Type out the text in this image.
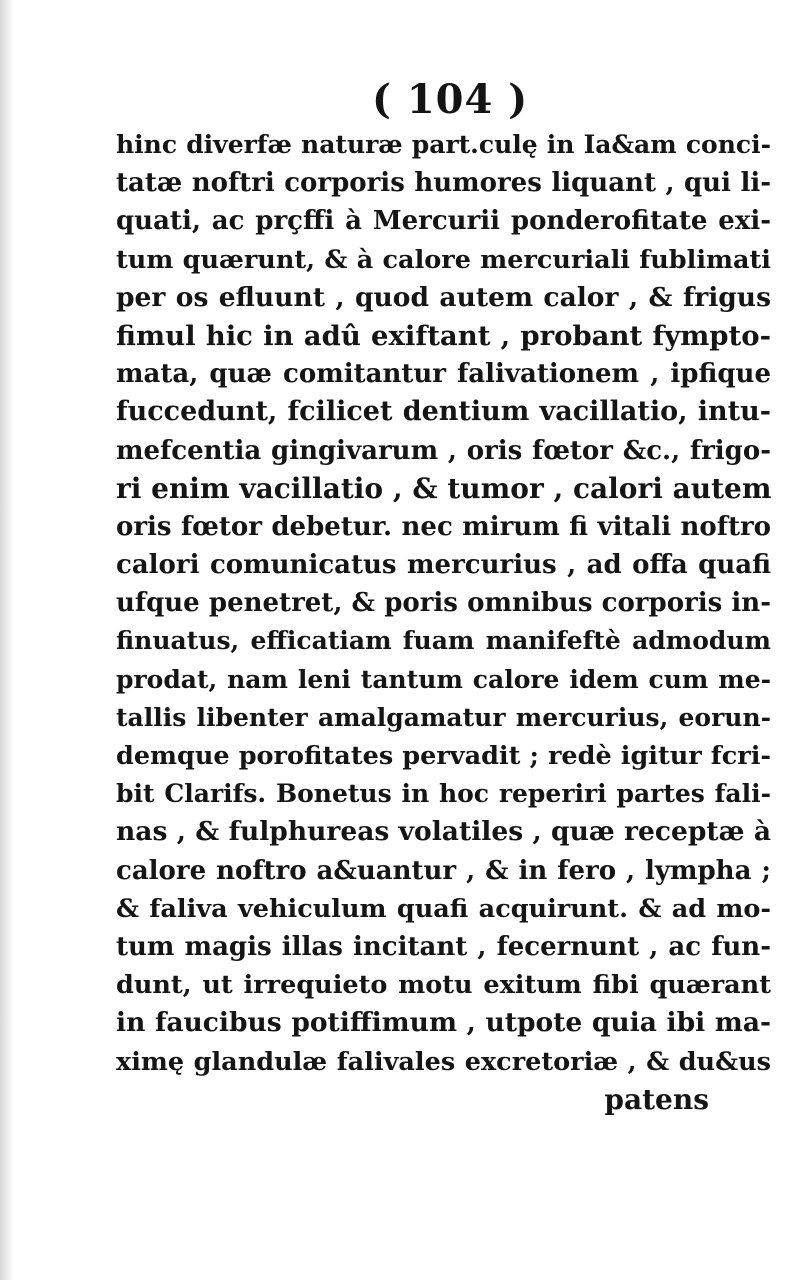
( 104 )
hinc diverfæ naturæ part.culę in Ia&am conci-
tatæ noftri corporis humores liquant , qui li-
quati, ac prçffi à Mercurii ponderofitate exi-
tum quærunt, & à calore mercuriali fublimati
per os efluunt , quod autem calor , & frigus
fimul hic in adû exiftant , probant fympto-
mata, quæ comitantur falivationem , ipfique
fuccedunt, fcilicet dentium vacillatio, intu-
mefcentia gingivarum , oris fœtor &c., frigo-
ri enim vacillatio , & tumor , calori autem
oris fœtor debetur. nec mirum fi vitali noftro
calori comunicatus mercurius , ad offa quafi
ufque penetret, & poris omnibus corporis in-
finuatus, efficatiam fuam manifeftè admodum
prodat, nam leni tantum calore idem cum me-
tallis libenter amalgamatur mercurius, eorun-
demque porofitates pervadit ; redè igitur fcri-
bit Clarifs. Bonetus in hoc reperiri partes fali-
nas , & fulphureas volatiles , quæ receptæ à
calore noftro a&uantur , & in fero , lympha ;
& faliva vehiculum quafi acquirunt. & ad mo-
tum magis illas incitant , fecernunt , ac fun-
dunt, ut irrequieto motu exitum fibi quærant
in faucibus potiffimum , utpote quia ibi ma-
ximę glandulæ falivales excretoriæ , & du&us
patens
